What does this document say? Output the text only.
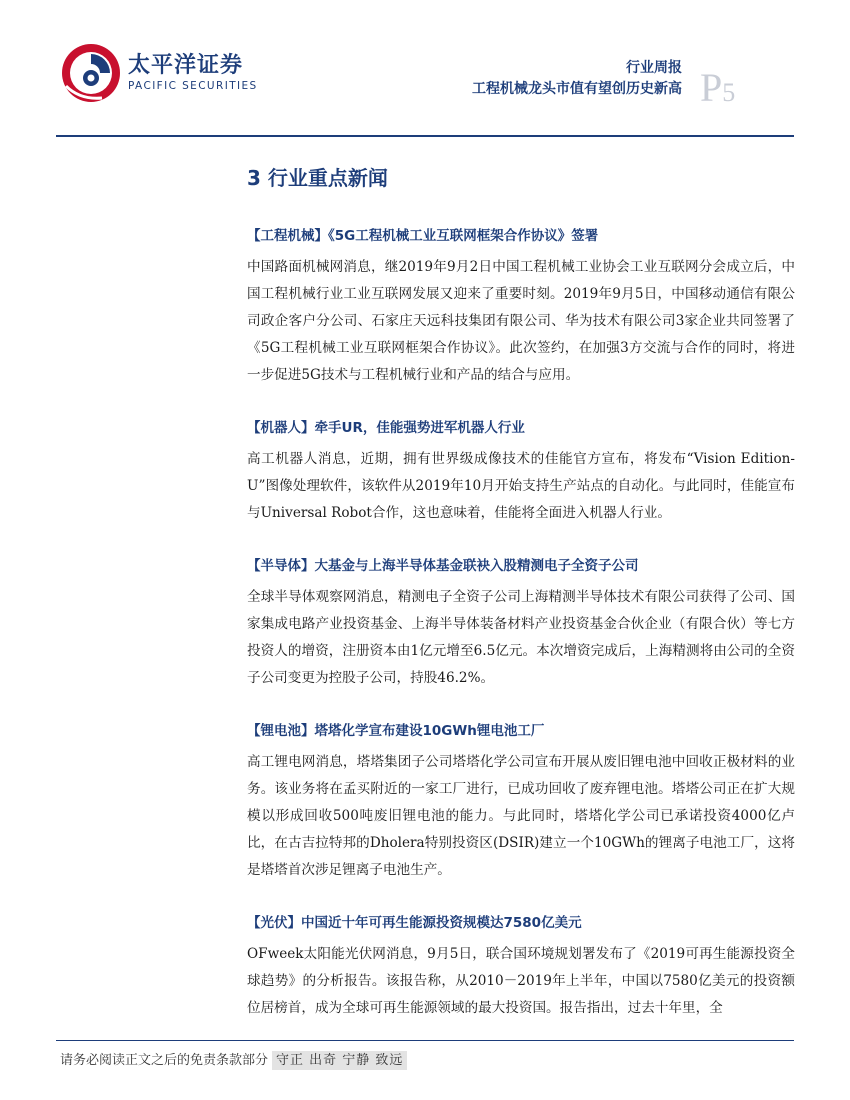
太平洋证券
PACIFIC SECURITIES
行业周报
工程机械龙头市值有望创历史新高 P5
3 行业重点新闻
【工程机械】《5G工程机械工业互联网框架合作协议》签署

中国路面机械网消息，继2019年9月2日中国工程机械工业协会工业互联网分会成立后，中国工程机械行业工业互联网发展又迎来了重要时刻。2019年9月5日，中国移动通信有限公司政企客户分公司、石家庄天远科技集团有限公司、华为技术有限公司3家企业共同签署了《5G工程机械工业互联网框架合作协议》。此次签约，在加强3方交流与合作的同时，将进一步促进5G技术与工程机械行业和产品的结合与应用。

【机器人】牵手UR，佳能强势进军机器人行业

高工机器人消息，近期，拥有世界级成像技术的佳能官方宣布，将发布“Vision Edition-U”图像处理软件，该软件从2019年10月开始支持生产站点的自动化。与此同时，佳能宣布与Universal Robot合作，这也意味着，佳能将全面进入机器人行业。

【半导体】大基金与上海半导体基金联袂入股精测电子全资子公司

全球半导体观察网消息，精测电子全资子公司上海精测半导体技术有限公司获得了公司、国家集成电路产业投资基金、上海半导体装备材料产业投资基金合伙企业（有限合伙）等七方投资人的增资，注册资本由1亿元增至6.5亿元。本次增资完成后，上海精测将由公司的全资子公司变更为控股子公司，持股46.2%。

【锂电池】塔塔化学宣布建设10GWh锂电池工厂

高工锂电网消息，塔塔集团子公司塔塔化学公司宣布开展从废旧锂电池中回收正极材料的业务。该业务将在孟买附近的一家工厂进行，已成功回收了废弃锂电池。塔塔公司正在扩大规模以形成回收500吨废旧锂电池的能力。与此同时，塔塔化学公司已承诺投资4000亿卢比，在古吉拉特邦的Dholera特别投资区(DSIR)建立一个10GWh的锂离子电池工厂，这将是塔塔首次涉足锂离子电池生产。

【光伏】中国近十年可再生能源投资规模达7580亿美元

OFweek太阳能光伏网消息，9月5日，联合国环境规划署发布了《2019可再生能源投资全球趋势》的分析报告。该报告称，从2010－2019年上半年，中国以7580亿美元的投资额位居榜首，成为全球可再生能源领域的最大投资国。报告指出，过去十年里，全

请务必阅读正文之后的免责条款部分 守正 出奇 宁静 致远
